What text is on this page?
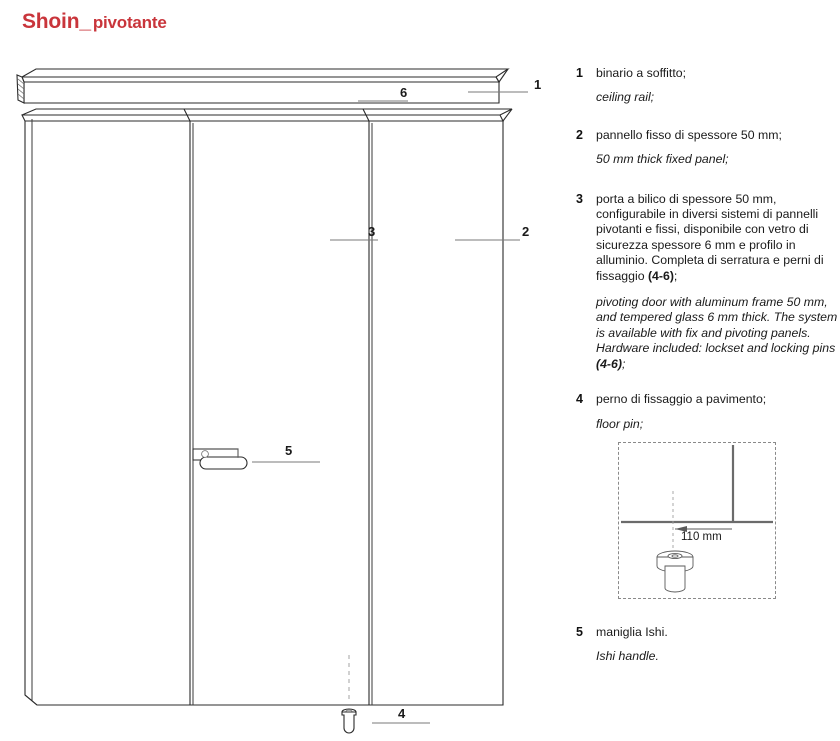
Shoin_ pivotante
1
6
3	2
5
4
1 binario a soffitto;
ceiling rail;
2 pannello fisso di spessore 50 mm;
50 mm thick fixed panel;
3 porta a bilico di spessore 50 mm, configurabile in diversi sistemi di pannelli pivotanti e fissi, disponibile con vetro di sicurezza spessore 6 mm e profilo in alluminio. Completa di serratura e perni di fissaggio (4-6);
pivoting door with aluminum frame 50 mm, and tempered glass 6 mm thick. The system is available with fix and pivoting panels. Hardware included: lockset and locking pins (4-6);
4 perno di fissaggio a pavimento;
floor pin;
110 mm
5 maniglia Ishi.
Ishi handle.
